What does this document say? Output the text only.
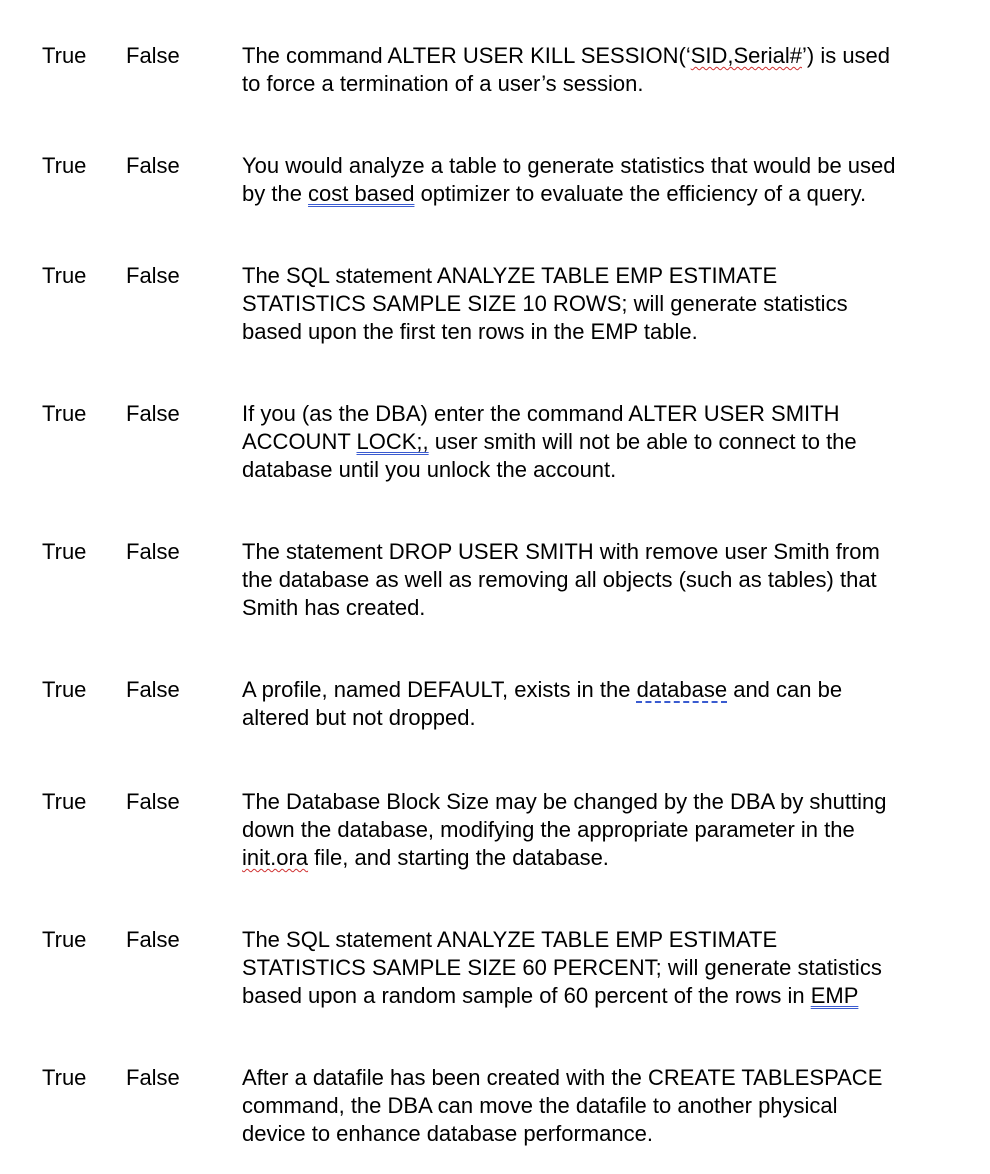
True False	The command ALTER USER KILL SESSION(‘SID,Serial#’) is used
to force a termination of a user’s session.
True False	You would analyze a table to generate statistics that would be used
by the cost based optimizer to evaluate the efficiency of a query.
True False	The SQL statement ANALYZE TABLE EMP ESTIMATE
STATISTICS SAMPLE SIZE 10 ROWS; will generate statistics
based upon the first ten rows in the EMP table.
True False	If you (as the DBA) enter the command ALTER USER SMITH
ACCOUNT LOCK;, user smith will not be able to connect to the
database until you unlock the account.
True False	The statement DROP USER SMITH with remove user Smith from
the database as well as removing all objects (such as tables) that
Smith has created.
True False	A profile, named DEFAULT, exists in the database and can be
altered but not dropped.
True False	The Database Block Size may be changed by the DBA by shutting
down the database, modifying the appropriate parameter in the
init.ora file, and starting the database.
True False	The SQL statement ANALYZE TABLE EMP ESTIMATE
STATISTICS SAMPLE SIZE 60 PERCENT; will generate statistics
based upon a random sample of 60 percent of the rows in EMP
True False	After a datafile has been created with the CREATE TABLESPACE
command, the DBA can move the datafile to another physical
device to enhance database performance.
